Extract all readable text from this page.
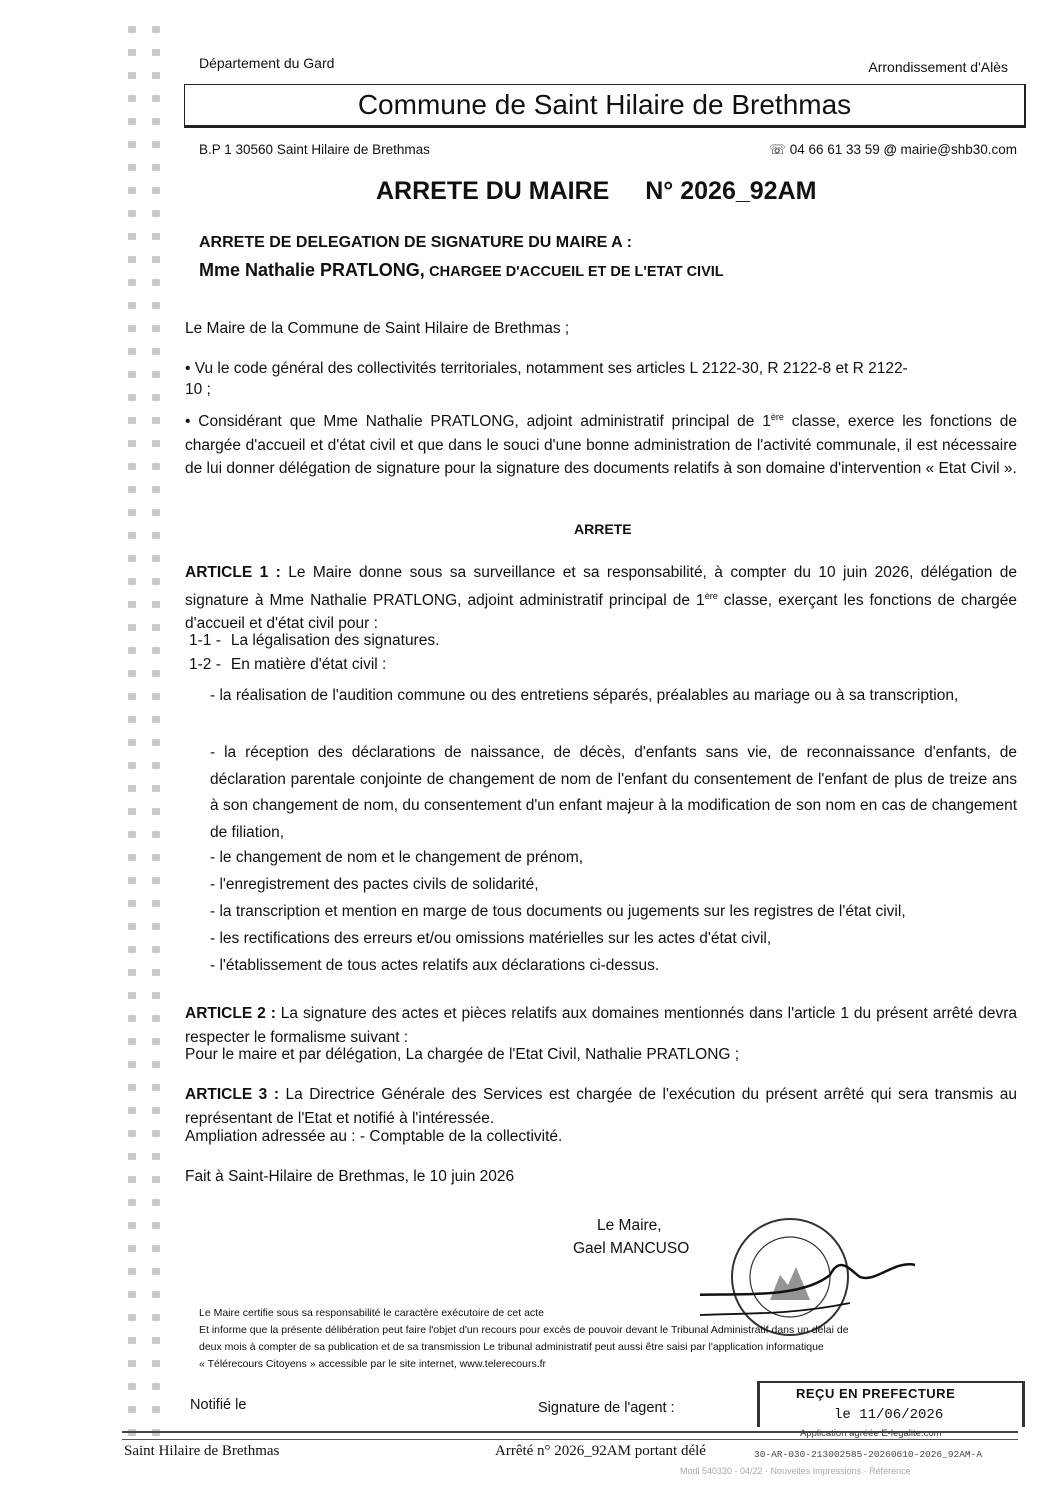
Département du Gard	Arrondissement d'Alès
Commune de Saint Hilaire de Brethmas
B.P 1 30560 Saint Hilaire de Brethmas	☏ 04 66 61 33 59 @ mairie@shb30.com
ARRETE DU MAIRE N° 2026_92AM
ARRETE DE DELEGATION DE SIGNATURE DU MAIRE A :
Mme Nathalie PRATLONG, CHARGEE D'ACCUEIL ET DE L'ETAT CIVIL
Le Maire de la Commune de Saint Hilaire de Brethmas ;
• Vu le code général des collectivités territoriales, notamment ses articles L 2122-30, R 2122-8 et R 2122-
10 ;
• Considérant que Mme Nathalie PRATLONG, adjoint administratif principal de 1ère classe, exerce les fonctions de chargée d'accueil et d'état civil et que dans le souci d'une bonne administration de l'activité communale, il est nécessaire de lui donner délégation de signature pour la signature des documents relatifs à son domaine d'intervention « Etat Civil ».
ARRETE
ARTICLE 1 : Le Maire donne sous sa surveillance et sa responsabilité, à compter du 10 juin 2026, délégation de signature à Mme Nathalie PRATLONG, adjoint administratif principal de 1ère classe, exerçant les fonctions de chargée d'accueil et d'état civil pour :
1-1 - La légalisation des signatures.
1-2 - En matière d'état civil :
- la réalisation de l'audition commune ou des entretiens séparés, préalables au mariage ou à sa transcription,
- la réception des déclarations de naissance, de décès, d'enfants sans vie, de reconnaissance d'enfants, de déclaration parentale conjointe de changement de nom de l'enfant du consentement de l'enfant de plus de treize ans à son changement de nom, du consentement d'un enfant majeur à la modification de son nom en cas de changement de filiation,
- le changement de nom et le changement de prénom,
- l'enregistrement des pactes civils de solidarité,
- la transcription et mention en marge de tous documents ou jugements sur les registres de l'état civil,
- les rectifications des erreurs et/ou omissions matérielles sur les actes d'état civil,
- l'établissement de tous actes relatifs aux déclarations ci-dessus.
ARTICLE 2 : La signature des actes et pièces relatifs aux domaines mentionnés dans l'article 1 du présent arrêté devra respecter le formalisme suivant :
Pour le maire et par délégation, La chargée de l'Etat Civil, Nathalie PRATLONG ;
ARTICLE 3 : La Directrice Générale des Services est chargée de l'exécution du présent arrêté qui sera transmis au représentant de l'Etat et notifié à l'intéressée.
Ampliation adressée au : - Comptable de la collectivité.
Fait à Saint-Hilaire de Brethmas, le 10 juin 2026
Le Maire,
Gael MANCUSO
Le Maire certifie sous sa responsabilité le caractère exécutoire de cet acte
Et informe que la présente délibération peut faire l'objet d'un recours pour excès de pouvoir devant le Tribunal Administratif dans un délai de
deux mois à compter de sa publication et de sa transmission Le tribunal administratif peut aussi être saisi par l'application informatique
« Télérecours Citoyens » accessible par le site internet, www.telerecours.fr
Notifié le	Signature de l'agent :
REÇU EN PREFECTURE
le 11/06/2026
Application agréée E-legalite.com
Saint Hilaire de Brethmas	Arrêté n° 2026_92AM portant délé	30-AR-030-213002585-20260610-2026_92AM-A
Modl 540330 - 04/22 · Nouvelles Impressions · Référence
